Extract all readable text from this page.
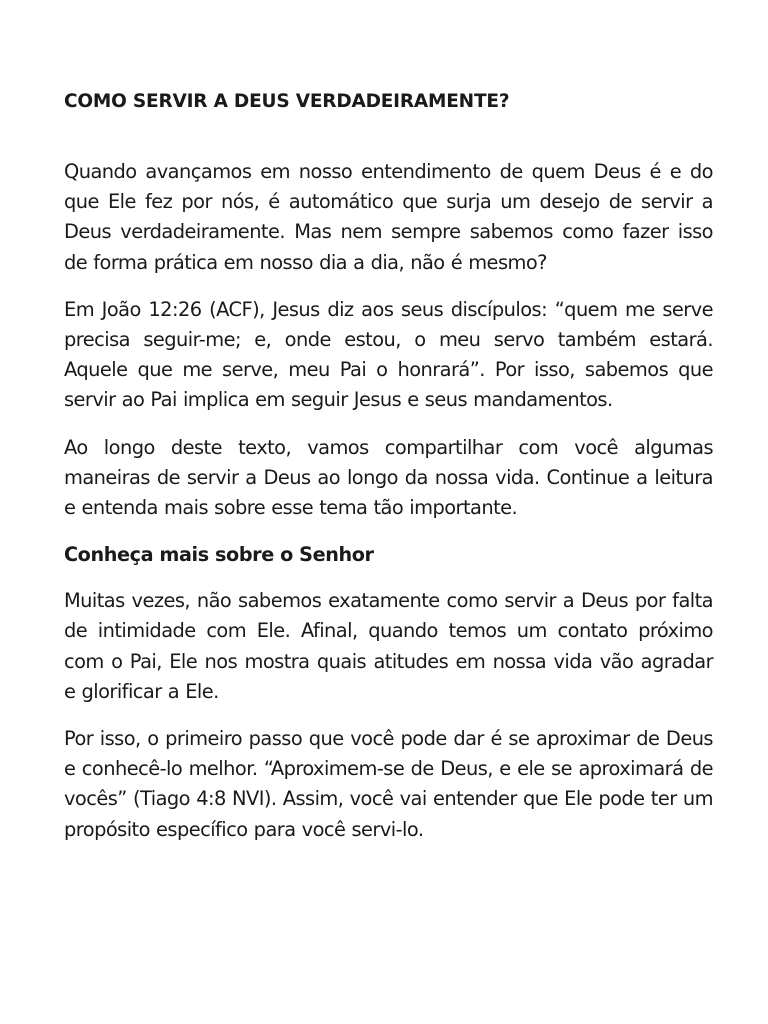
COMO SERVIR A DEUS VERDADEIRAMENTE?

Quando avançamos em nosso entendimento de quem Deus é e do que Ele fez por nós, é automático que surja um desejo de servir a Deus verdadeiramente. Mas nem sempre sabemos como fazer isso de forma prática em nosso dia a dia, não é mesmo?

Em João 12:26 (ACF), Jesus diz aos seus discípulos: “quem me serve precisa seguir-me; e, onde estou, o meu servo também estará. Aquele que me serve, meu Pai o honrará”. Por isso, sabemos que servir ao Pai implica em seguir Jesus e seus mandamentos.

Ao longo deste texto, vamos compartilhar com você algumas maneiras de servir a Deus ao longo da nossa vida. Continue a leitura e entenda mais sobre esse tema tão importante.

Conheça mais sobre o Senhor

Muitas vezes, não sabemos exatamente como servir a Deus por falta de intimidade com Ele. Afinal, quando temos um contato próximo com o Pai, Ele nos mostra quais atitudes em nossa vida vão agradar e glorificar a Ele.

Por isso, o primeiro passo que você pode dar é se aproximar de Deus e conhecê-lo melhor. “Aproximem-se de Deus, e ele se aproximará de vocês” (Tiago 4:8 NVI). Assim, você vai entender que Ele pode ter um propósito específico para você servi-lo.
